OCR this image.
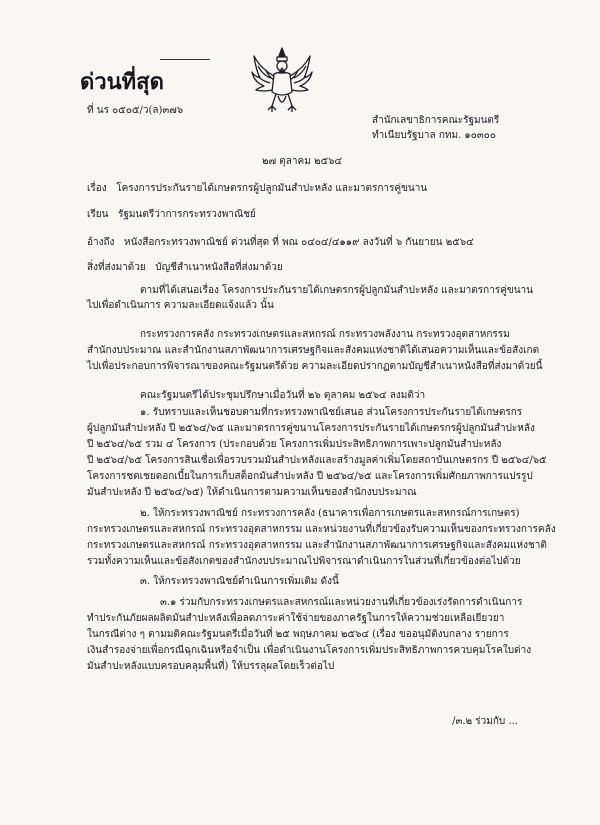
ด่วนที่สุด
ที่ นร ๐๕๐๕/ว(ล)๓๗๖
สำนักเลขาธิการคณะรัฐมนตรี
ทำเนียบรัฐบาล กทม. ๑๐๓๐๐
๒๗ ตุลาคม ๒๕๖๔
เรื่อง โครงการประกันรายได้เกษตรกรผู้ปลูกมันสำปะหลัง และมาตรการคู่ขนาน
เรียน รัฐมนตรีว่าการกระทรวงพาณิชย์
อ้างถึง หนังสือกระทรวงพาณิชย์ ด่วนที่สุด ที่ พณ ๐๔๐๔/๔๑๑๙ ลงวันที่ ๖ กันยายน ๒๕๖๔
สิ่งที่ส่งมาด้วย บัญชีสำเนาหนังสือที่ส่งมาด้วย
ตามที่ได้เสนอเรื่อง โครงการประกันรายได้เกษตรกรผู้ปลูกมันสำปะหลัง และมาตรการคู่ขนาน
ไปเพื่อดำเนินการ ความละเอียดแจ้งแล้ว นั้น
กระทรวงการคลัง กระทรวงเกษตรและสหกรณ์ กระทรวงพลังงาน กระทรวงอุตสาหกรรม
สำนักงบประมาณ และสำนักงานสภาพัฒนาการเศรษฐกิจและสังคมแห่งชาติได้เสนอความเห็นและข้อสังเกต
ไปเพื่อประกอบการพิจารณาของคณะรัฐมนตรีด้วย ความละเอียดปรากฏตามบัญชีสำเนาหนังสือที่ส่งมาด้วยนี้
คณะรัฐมนตรีได้ประชุมปรึกษาเมื่อวันที่ ๒๖ ตุลาคม ๒๕๖๔ ลงมติว่า
๑. รับทราบและเห็นชอบตามที่กระทรวงพาณิชย์เสนอ ส่วนโครงการประกันรายได้เกษตรกร
ผู้ปลูกมันสำปะหลัง ปี ๒๕๖๔/๖๕ และมาตรการคู่ขนานโครงการประกันรายได้เกษตรกรผู้ปลูกมันสำปะหลัง
ปี ๒๕๖๔/๖๕ รวม ๔ โครงการ (ประกอบด้วย โครงการเพิ่มประสิทธิภาพการเพาะปลูกมันสำปะหลัง
ปี ๒๕๖๔/๖๕ โครงการสินเชื่อเพื่อรวบรวมมันสำปะหลังและสร้างมูลค่าเพิ่มโดยสถาบันเกษตรกร ปี ๒๕๖๔/๖๕
โครงการชดเชยดอกเบี้ยในการเก็บสต็อกมันสำปะหลัง ปี ๒๕๖๔/๖๕ และโครงการเพิ่มศักยภาพการแปรรูป
มันสำปะหลัง ปี ๒๕๖๔/๖๕) ให้ดำเนินการตามความเห็นของสำนักงบประมาณ
๒. ให้กระทรวงพาณิชย์ กระทรวงการคลัง (ธนาคารเพื่อการเกษตรและสหกรณ์การเกษตร)
กระทรวงเกษตรและสหกรณ์ กระทรวงอุตสาหกรรม และหน่วยงานที่เกี่ยวข้องรับความเห็นของกระทรวงการคลัง
กระทรวงเกษตรและสหกรณ์ กระทรวงอุตสาหกรรม และสำนักงานสภาพัฒนาการเศรษฐกิจและสังคมแห่งชาติ
รวมทั้งความเห็นและข้อสังเกตของสำนักงบประมาณไปพิจารณาดำเนินการในส่วนที่เกี่ยวข้องต่อไปด้วย
๓. ให้กระทรวงพาณิชย์ดำเนินการเพิ่มเติม ดังนี้
๓.๑ ร่วมกับกระทรวงเกษตรและสหกรณ์และหน่วยงานที่เกี่ยวข้องเร่งรัดการดำเนินการ
ทำประกันภัยผลผลิตมันสำปะหลังเพื่อลดภาระค่าใช้จ่ายของภาครัฐในการให้ความช่วยเหลือเยียวยา
ในกรณีต่าง ๆ ตามมติคณะรัฐมนตรีเมื่อวันที่ ๒๕ พฤษภาคม ๒๕๖๔ (เรื่อง ขออนุมัติงบกลาง รายการ
เงินสำรองจ่ายเพื่อกรณีฉุกเฉินหรือจำเป็น เพื่อดำเนินงานโครงการเพิ่มประสิทธิภาพการควบคุมโรคใบด่าง
มันสำปะหลังแบบครอบคลุมพื้นที่) ให้บรรลุผลโดยเร็วต่อไป
/๓.๒ ร่วมกับ ...
